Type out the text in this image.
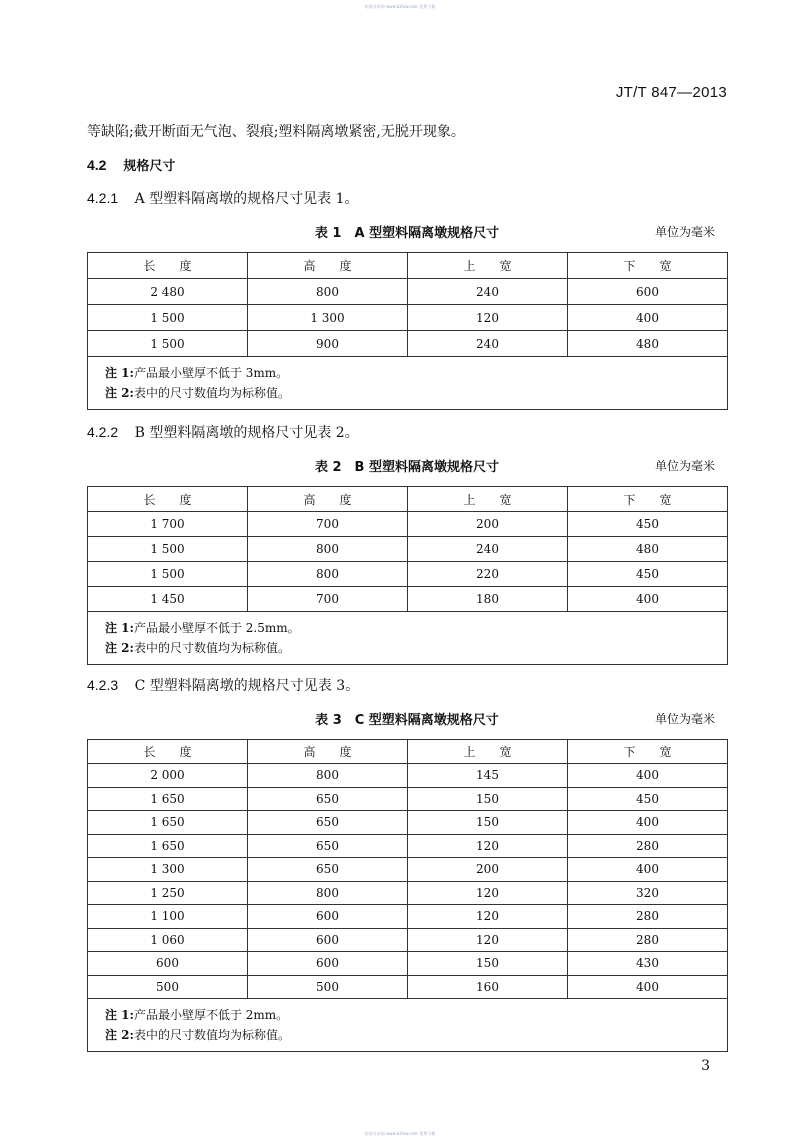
标准分享网 www.bzfxw.com 免费下载
JT/T 847—2013
等缺陷;截开断面无气泡、裂痕;塑料隔离墩紧密,无脱开现象。
4.2 规格尺寸
4.2.1 A 型塑料隔离墩的规格尺寸见表 1。
表 1　A 型塑料隔离墩规格尺寸	单位为毫米
长　　度	高　　度	上　　宽	下　　宽
2 480	800	240	600
1 500	1 300	120	400
1 500	900	240	480

注 1:产品最小壁厚不低于 3mm。
注 2:表中的尺寸数值均为标称值。			
4.2.2 B 型塑料隔离墩的规格尺寸见表 2。
表 2　B 型塑料隔离墩规格尺寸	单位为毫米
长　　度	高　　度	上　　宽	下　　宽
1 700	700	200	450
1 500	800	240	480
1 500	800	220	450
1 450	700	180	400

注 1:产品最小壁厚不低于 2.5mm。
注 2:表中的尺寸数值均为标称值。			
4.2.3 C 型塑料隔离墩的规格尺寸见表 3。
表 3　C 型塑料隔离墩规格尺寸	单位为毫米
长　　度	高　　度	上　　宽	下　　宽
2 000	800	145	400
1 650	650	150	450
1 650	650	150	400
1 650	650	120	280
1 300	650	200	400
1 250	800	120	320
1 100	600	120	280
1 060	600	120	280
600	600	150	430
500	500	160	400

注 1:产品最小壁厚不低于 2mm。
注 2:表中的尺寸数值均为标称值。			
3
标准分享网 www.bzfxw.com 免费下载
